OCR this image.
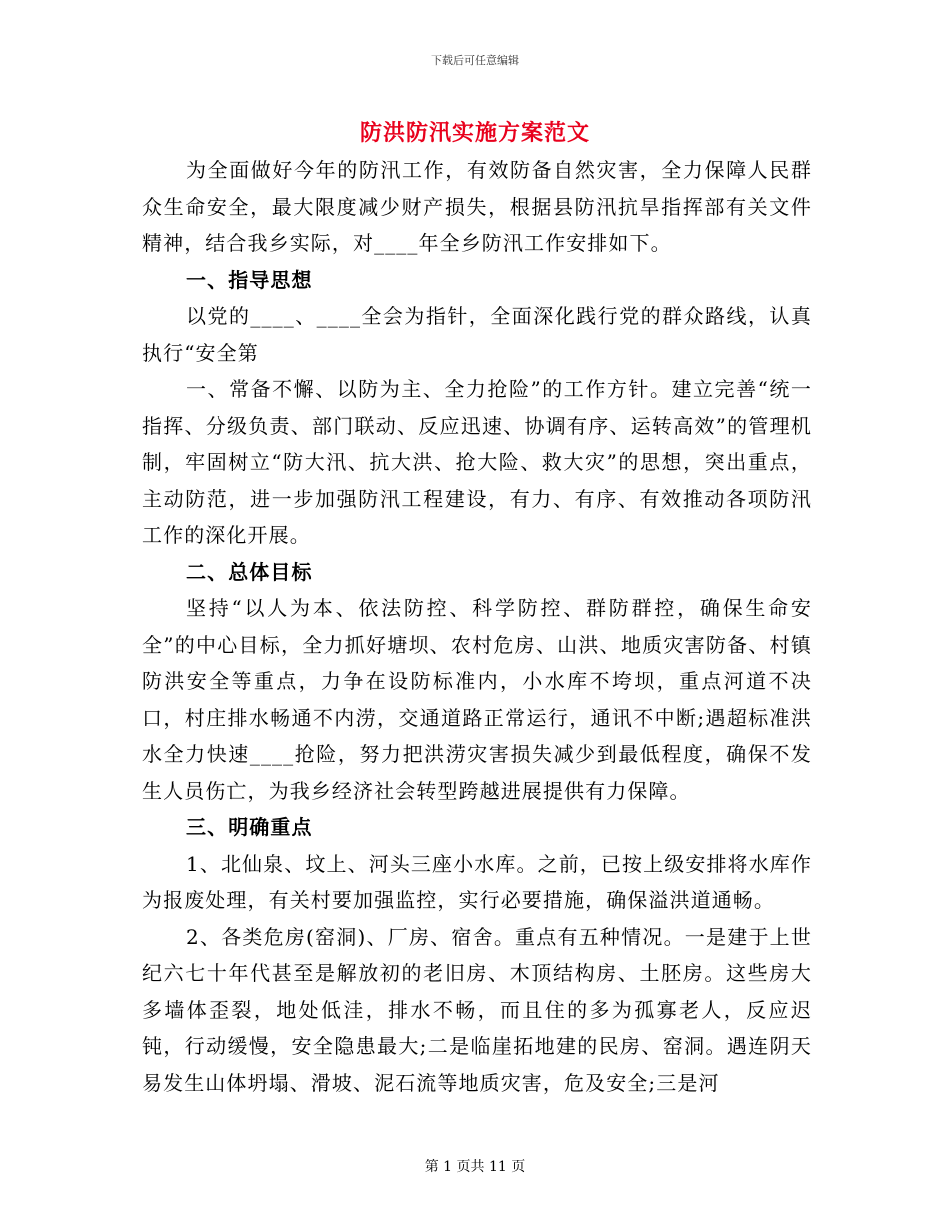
下载后可任意编辑
防洪防汛实施方案范文

为全面做好今年的防汛工作，有效防备自然灾害，全力保障人民群众生命安全，最大限度减少财产损失，根据县防汛抗旱指挥部有关文件精神，结合我乡实际，对____年全乡防汛工作安排如下。

一、指导思想

以党的____、____全会为指针，全面深化践行党的群众路线，认真执行“安全第

一、常备不懈、以防为主、全力抢险”的工作方针。建立完善“统一指挥、分级负责、部门联动、反应迅速、协调有序、运转高效”的管理机制，牢固树立“防大汛、抗大洪、抢大险、救大灾”的思想，突出重点，主动防范，进一步加强防汛工程建设，有力、有序、有效推动各项防汛工作的深化开展。

二、总体目标

坚持“以人为本、依法防控、科学防控、群防群控，确保生命安全”的中心目标，全力抓好塘坝、农村危房、山洪、地质灾害防备、村镇防洪安全等重点，力争在设防标准内，小水库不垮坝，重点河道不决口，村庄排水畅通不内涝，交通道路正常运行，通讯不中断;遇超标准洪水全力快速____抢险，努力把洪涝灾害损失减少到最低程度，确保不发生人员伤亡，为我乡经济社会转型跨越进展提供有力保障。

三、明确重点

1、北仙泉、坟上、河头三座小水库。之前，已按上级安排将水库作为报废处理，有关村要加强监控，实行必要措施，确保溢洪道通畅。

2、各类危房(窑洞)、厂房、宿舍。重点有五种情况。一是建于上世纪六七十年代甚至是解放初的老旧房、木顶结构房、土胚房。这些房大多墙体歪裂，地处低洼，排水不畅，而且住的多为孤寡老人，反应迟钝，行动缓慢，安全隐患最大;二是临崖拓地建的民房、窑洞。遇连阴天易发生山体坍塌、滑坡、泥石流等地质灾害，危及安全;三是河

第 1 页共 11 页
